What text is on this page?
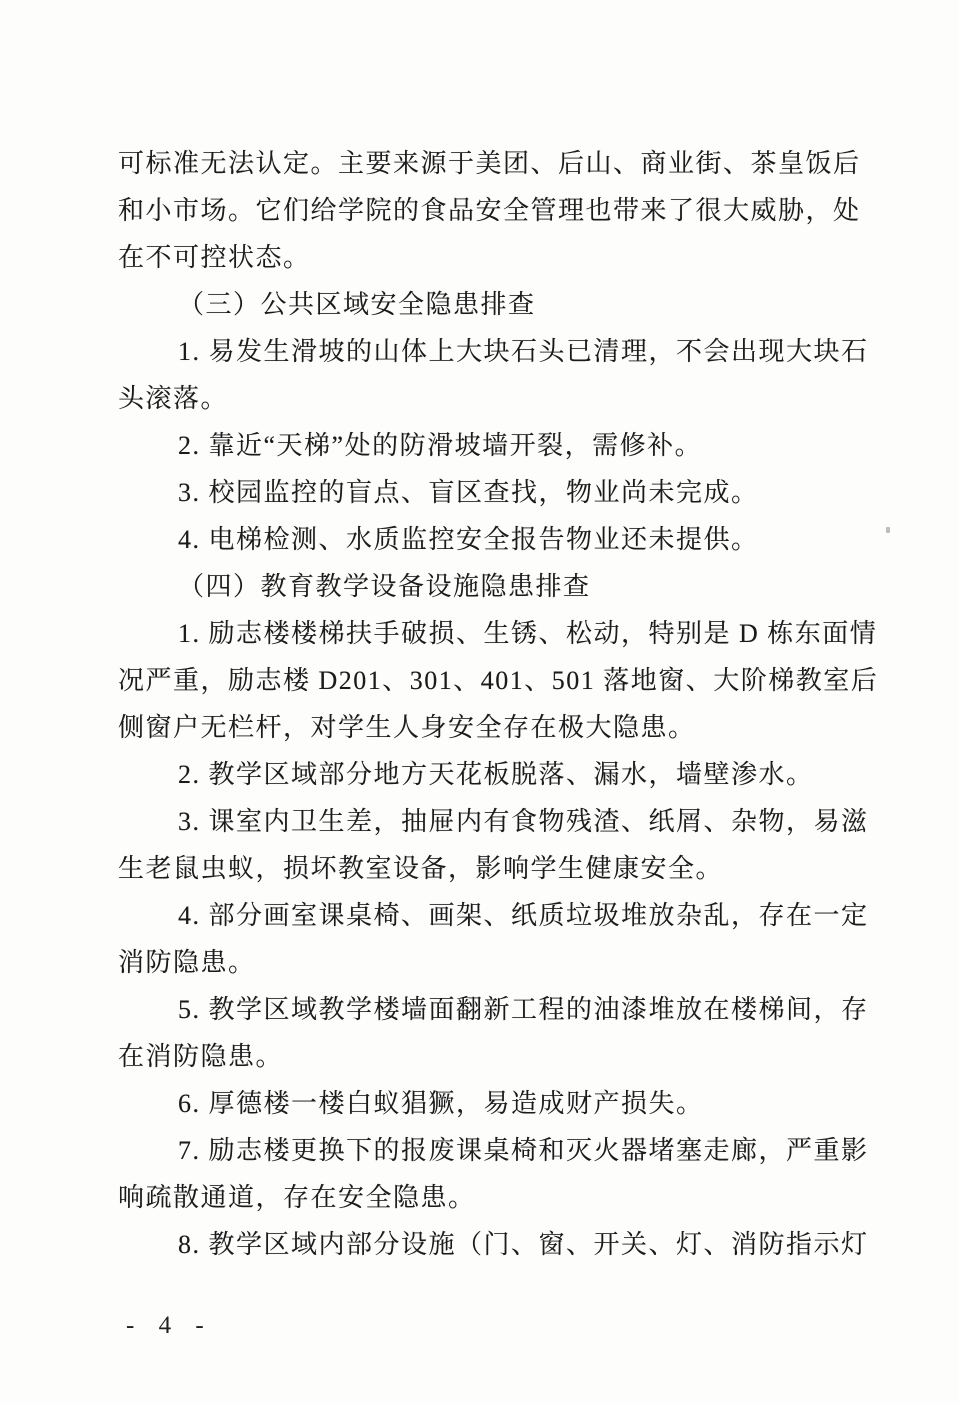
可标准无法认定。主要来源于美团、后山、商业街、茶皇饭后
和小市场。它们给学院的食品安全管理也带来了很大威胁，处
在不可控状态。
（三）公共区域安全隐患排查
1. 易发生滑坡的山体上大块石头已清理，不会出现大块石
头滚落。
2. 靠近“天梯”处的防滑坡墙开裂，需修补。
3. 校园监控的盲点、盲区查找，物业尚未完成。
4. 电梯检测、水质监控安全报告物业还未提供。
（四）教育教学设备设施隐患排查
1. 励志楼楼梯扶手破损、生锈、松动，特别是 D 栋东面情
况严重，励志楼 D201、301、401、501 落地窗、大阶梯教室后
侧窗户无栏杆，对学生人身安全存在极大隐患。
2. 教学区域部分地方天花板脱落、漏水，墙壁渗水。
3. 课室内卫生差，抽屉内有食物残渣、纸屑、杂物，易滋
生老鼠虫蚁，损坏教室设备，影响学生健康安全。
4. 部分画室课桌椅、画架、纸质垃圾堆放杂乱，存在一定
消防隐患。
5. 教学区域教学楼墙面翻新工程的油漆堆放在楼梯间，存
在消防隐患。
6. 厚德楼一楼白蚁猖獗，易造成财产损失。
7. 励志楼更换下的报废课桌椅和灭火器堵塞走廊，严重影
响疏散通道，存在安全隐患。
8. 教学区域内部分设施（门、窗、开关、灯、消防指示灯
- 4 -
